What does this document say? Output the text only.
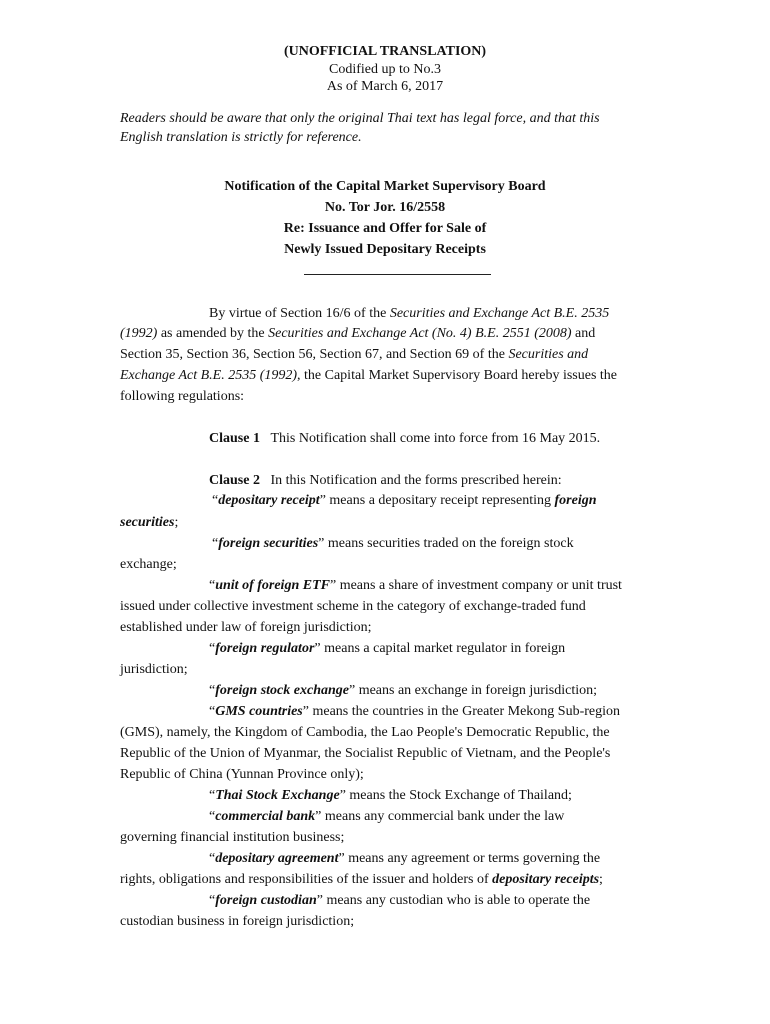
(UNOFFICIAL TRANSLATION)
Codified up to No.3
As of March 6, 2017
Readers should be aware that only the original Thai text has legal force, and that this
English translation is strictly for reference.
Notification of the Capital Market Supervisory Board
No. Tor Jor. 16/2558
Re: Issuance and Offer for Sale of
Newly Issued Depositary Receipts
By virtue of Section 16/6 of the Securities and Exchange Act B.E. 2535
(1992) as amended by the Securities and Exchange Act (No. 4) B.E. 2551 (2008) and
Section 35, Section 36, Section 56, Section 67, and Section 69 of the Securities and
Exchange Act B.E. 2535 (1992), the Capital Market Supervisory Board hereby issues the
following regulations:
Clause 1 This Notification shall come into force from 16 May 2015.
Clause 2 In this Notification and the forms prescribed herein:
“depositary receipt” means a depositary receipt representing foreign
securities;
“foreign securities” means securities traded on the foreign stock
exchange;
“unit of foreign ETF” means a share of investment company or unit trust
issued under collective investment scheme in the category of exchange-traded fund
established under law of foreign jurisdiction;
“foreign regulator” means a capital market regulator in foreign
jurisdiction;
“foreign stock exchange” means an exchange in foreign jurisdiction;
“GMS countries” means the countries in the Greater Mekong Sub-region
(GMS), namely, the Kingdom of Cambodia, the Lao People's Democratic Republic, the
Republic of the Union of Myanmar, the Socialist Republic of Vietnam, and the People's
Republic of China (Yunnan Province only);
“Thai Stock Exchange” means the Stock Exchange of Thailand;
“commercial bank” means any commercial bank under the law
governing financial institution business;
“depositary agreement” means any agreement or terms governing the
rights, obligations and responsibilities of the issuer and holders of depositary receipts;
“foreign custodian” means any custodian who is able to operate the
custodian business in foreign jurisdiction;
